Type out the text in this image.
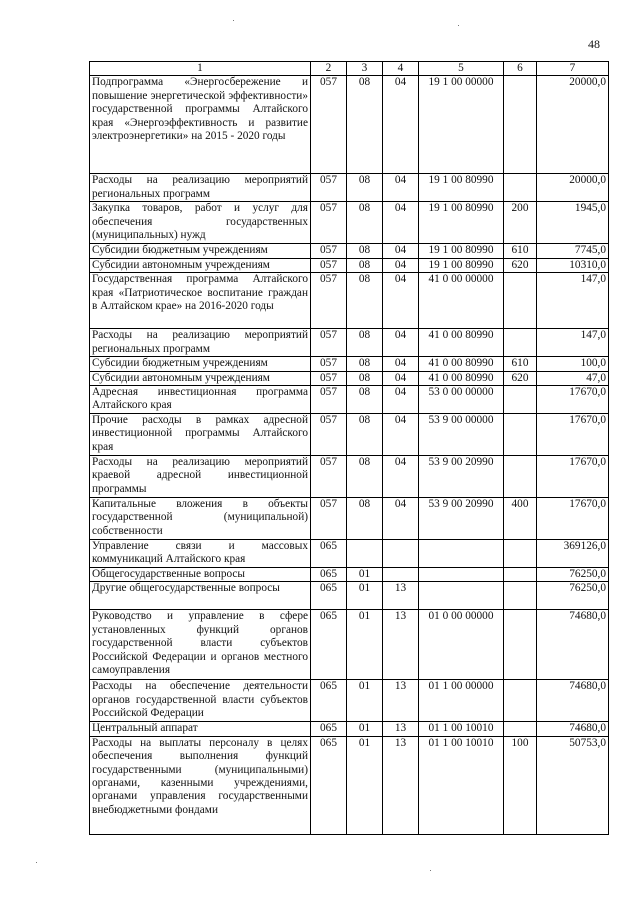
48
1	2	3	4	5	6	7
Подпрограмма «Энергосбережение и повышение энергетической эффективности» государственной программы Алтайского края «Энергоэффективность и развитие электроэнергетики» на 2015 - 2020 годы	057	08	04	19 1 00 00000		20000,0
Расходы на реализацию мероприятий региональных программ	057	08	04	19 1 00 80990		20000,0
Закупка товаров, работ и услуг для обеспечения государственных (муниципальных) нужд	057	08	04	19 1 00 80990	200	1945,0
Субсидии бюджетным учреждениям	057	08	04	19 1 00 80990	610	7745,0
Субсидии автономным учреждениям	057	08	04	19 1 00 80990	620	10310,0
Государственная программа Алтайского края «Патриотическое воспитание граждан в Алтайском крае» на 2016-2020 годы	057	08	04	41 0 00 00000		147,0
Расходы на реализацию мероприятий региональных программ	057	08	04	41 0 00 80990		147,0
Субсидии бюджетным учреждениям	057	08	04	41 0 00 80990	610	100,0
Субсидии автономным учреждениям	057	08	04	41 0 00 80990	620	47,0
Адресная инвестиционная программа Алтайского края	057	08	04	53 0 00 00000		17670,0
Прочие расходы в рамках адресной инвестиционной программы Алтайского края	057	08	04	53 9 00 00000		17670,0
Расходы на реализацию мероприятий краевой адресной инвестиционной программы	057	08	04	53 9 00 20990		17670,0
Капитальные вложения в объекты государственной (муниципальной) собственности	057	08	04	53 9 00 20990	400	17670,0
Управление связи и массовых коммуникаций Алтайского края	065					369126,0
Общегосударственные вопросы	065	01				76250,0
Другие общегосударственные вопросы	065	01	13			76250,0
Руководство и управление в сфере установленных функций органов государственной власти субъектов Российской Федерации и органов местного самоуправления	065	01	13	01 0 00 00000		74680,0
Расходы на обеспечение деятельности органов государственной власти субъектов Российской Федерации	065	01	13	01 1 00 00000		74680,0
Центральный аппарат	065	01	13	01 1 00 10010		74680,0
Расходы на выплаты персоналу в целях обеспечения выполнения функций государственными (муниципальными) органами, казенными учреждениями, органами управления государственными внебюджетными фондами	065	01	13	01 1 00 10010	100	50753,0
